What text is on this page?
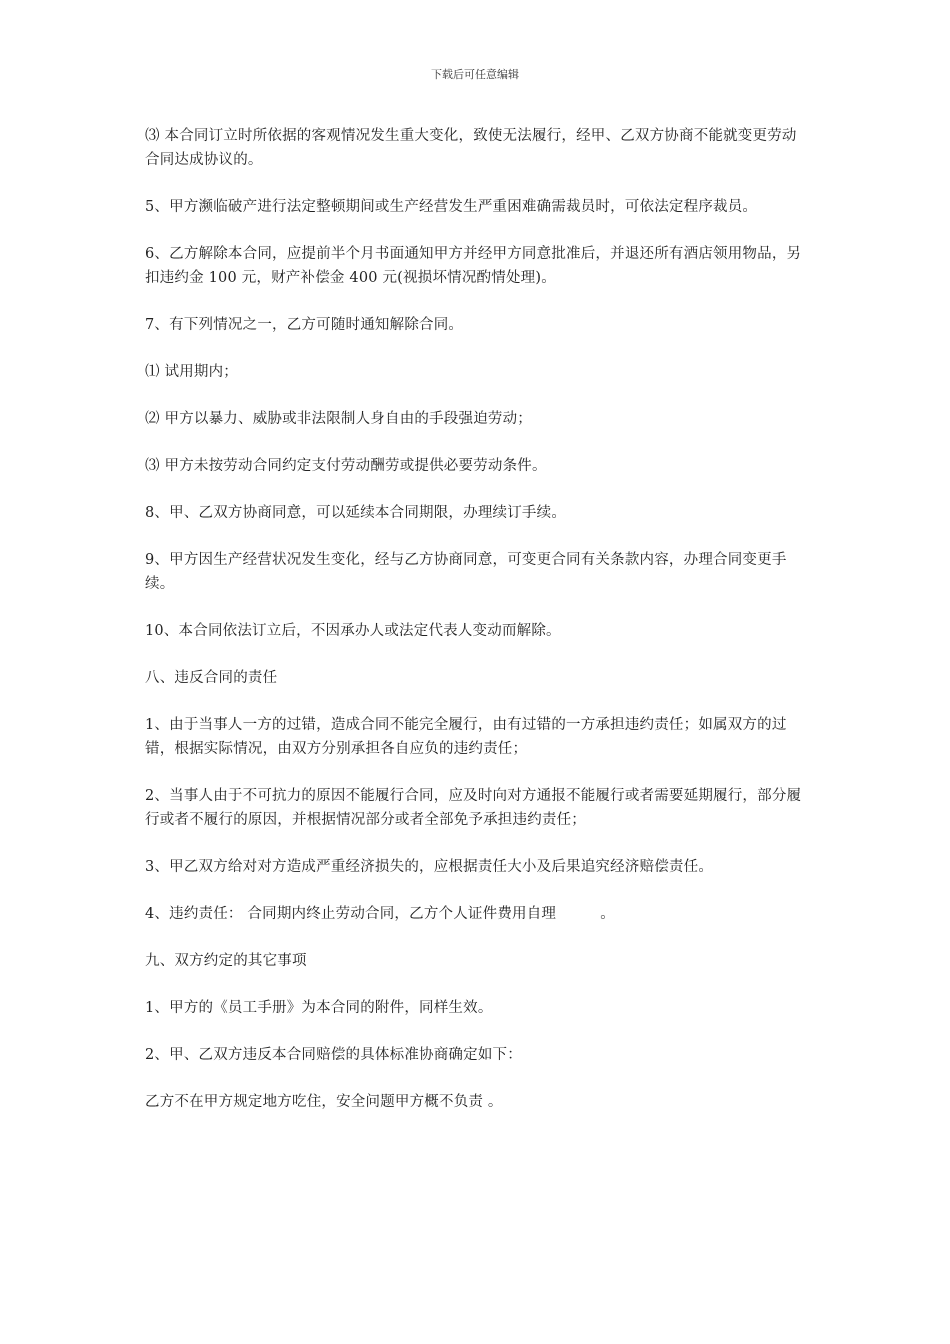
下载后可任意编辑

⑶ 本合同订立时所依据的客观情况发生重大变化，致使无法履行，经甲、乙双方协商不能就变更劳动合同达成协议的。

5、甲方濒临破产进行法定整顿期间或生产经营发生严重困难确需裁员时，可依法定程序裁员。

6、乙方解除本合同，应提前半个月书面通知甲方并经甲方同意批准后，并退还所有酒店领用物品，另扣违约金 100 元，财产补偿金 400 元(视损坏情况酌情处理)。

7、有下列情况之一，乙方可随时通知解除合同。

⑴ 试用期内；

⑵ 甲方以暴力、威胁或非法限制人身自由的手段强迫劳动；

⑶ 甲方未按劳动合同约定支付劳动酬劳或提供必要劳动条件。

8、甲、乙双方协商同意，可以延续本合同期限，办理续订手续。

9、甲方因生产经营状况发生变化，经与乙方协商同意，可变更合同有关条款内容，办理合同变更手续。

10、本合同依法订立后，不因承办人或法定代表人变动而解除。

八、违反合同的责任

1、由于当事人一方的过错，造成合同不能完全履行，由有过错的一方承担违约责任；如属双方的过错，根据实际情况，由双方分别承担各自应负的违约责任；

2、当事人由于不可抗力的原因不能履行合同，应及时向对方通报不能履行或者需要延期履行，部分履行或者不履行的原因，并根据情况部分或者全部免予承担违约责任；

3、甲乙双方给对对方造成严重经济损失的，应根据责任大小及后果追究经济赔偿责任。

4、违约责任： 合同期内终止劳动合同，乙方个人证件费用自理　　　。

九、双方约定的其它事项

1、甲方的《员工手册》为本合同的附件，同样生效。

2、甲、乙双方违反本合同赔偿的具体标准协商确定如下：

乙方不在甲方规定地方吃住，安全问题甲方概不负责 。
